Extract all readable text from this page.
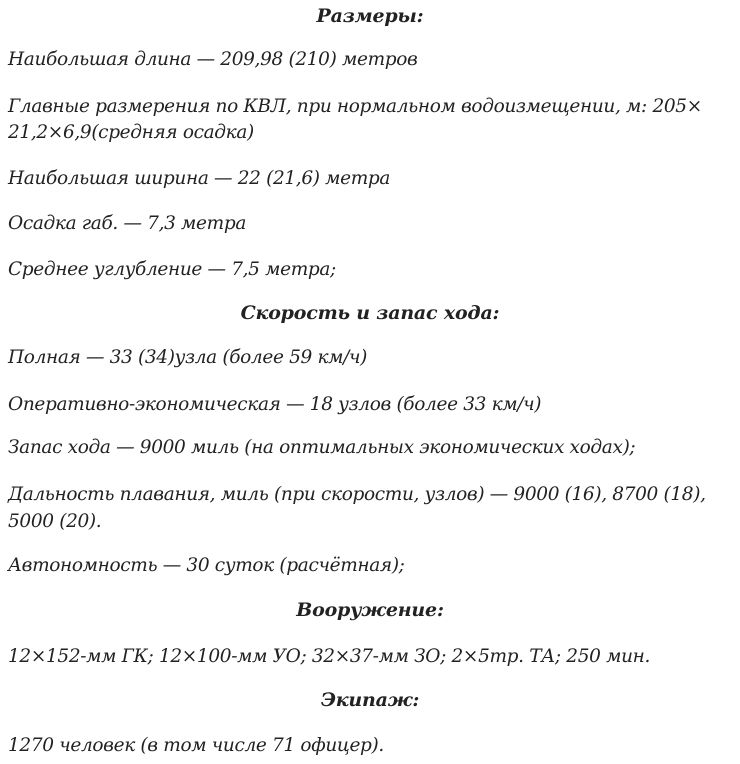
Размеры:
Наибольшая длина — 209,98 (210) метров
Главные размерения по КВЛ, при нормальном водоизмещении, м: 205×
21,2×6,9(средняя осадка)
Наибольшая ширина — 22 (21,6) метра
Осадка габ. — 7,3 метра
Среднее углубление — 7,5 метра;
Скорость и запас хода:
Полная — 33 (34)узла (более 59 км/ч)
Оперативно-экономическая — 18 узлов (более 33 км/ч)
Запас хода — 9000 миль (на оптимальных экономических ходах);
Дальность плавания, миль (при скорости, узлов) — 9000 (16), 8700 (18),
5000 (20).
Автономность — 30 суток (расчётная);
Вооружение:
12×152-мм ГК; 12×100-мм УО; 32×37-мм ЗО; 2×5тр. ТА; 250 мин.
Экипаж:
1270 человек (в том числе 71 офицер).
